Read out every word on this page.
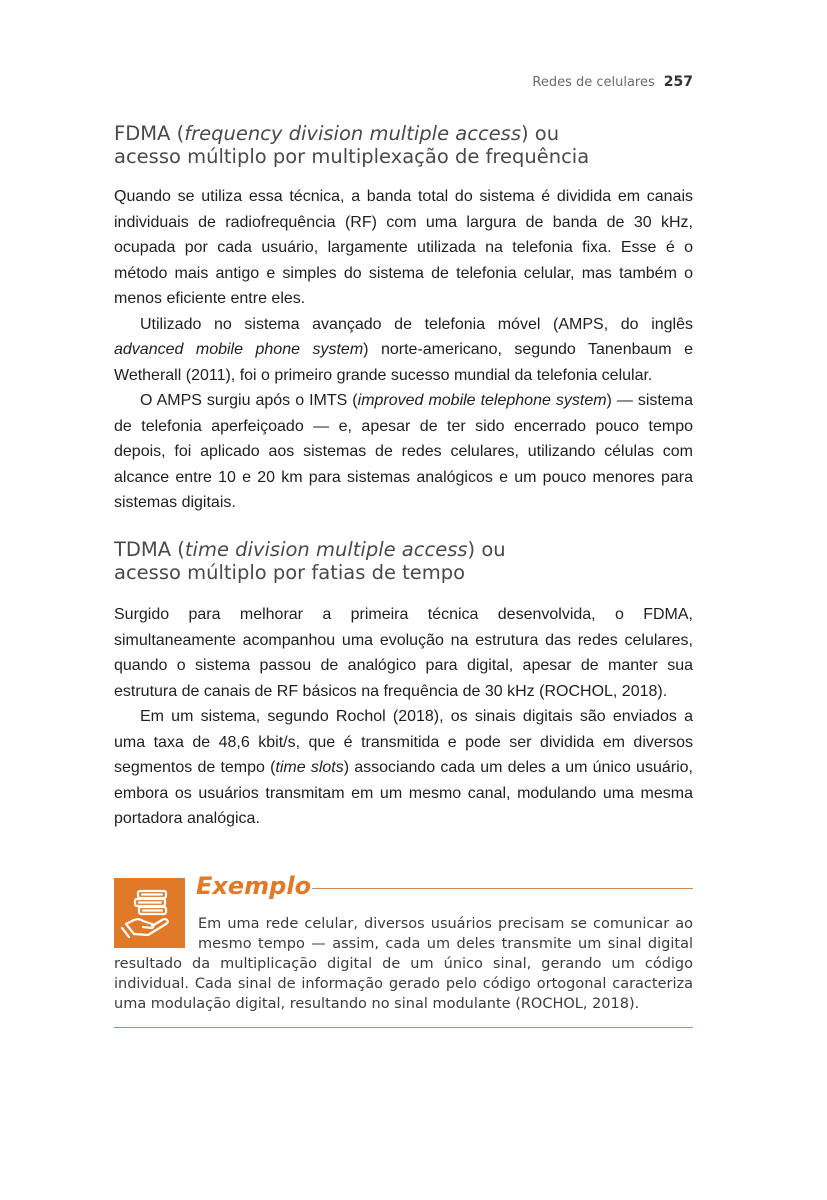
Redes de celulares 257
FDMA (frequency division multiple access) ou
acesso múltiplo por multiplexação de frequência

Quando se utiliza essa técnica, a banda total do sistema é dividida em canais individuais de radiofrequência (RF) com uma largura de banda de 30 kHz, ocupada por cada usuário, largamente utilizada na telefonia fixa. Esse é o método mais antigo e simples do sistema de telefonia celular, mas também o menos eficiente entre eles.

Utilizado no sistema avançado de telefonia móvel (AMPS, do inglês advanced mobile phone system) norte-americano, segundo Tanenbaum e Wetherall (2011), foi o primeiro grande sucesso mundial da telefonia celular.

O AMPS surgiu após o IMTS (improved mobile telephone system) — sistema de telefonia aperfeiçoado — e, apesar de ter sido encerrado pouco tempo depois, foi aplicado aos sistemas de redes celulares, utilizando células com alcance entre 10 e 20 km para sistemas analógicos e um pouco menores para sistemas digitais.

TDMA (time division multiple access) ou
acesso múltiplo por fatias de tempo

Surgido para melhorar a primeira técnica desenvolvida, o FDMA, simultaneamente acompanhou uma evolução na estrutura das redes celulares, quando o sistema passou de analógico para digital, apesar de manter sua estrutura de canais de RF básicos na frequência de 30 kHz (ROCHOL, 2018).

Em um sistema, segundo Rochol (2018), os sinais digitais são enviados a uma taxa de 48,6 kbit/s, que é transmitida e pode ser dividida em diversos segmentos de tempo (time slots) associando cada um deles a um único usuário, embora os usuários transmitam em um mesmo canal, modulando uma mesma portadora analógica.

Exemplo
Em uma rede celular, diversos usuários precisam se comunicar ao mesmo tempo — assim, cada um deles transmite um sinal digital resultado da multiplicação digital de um único sinal, gerando um código individual. Cada sinal de informação gerado pelo código ortogonal caracteriza uma modulação digital, resultando no sinal modulante (ROCHOL, 2018).
